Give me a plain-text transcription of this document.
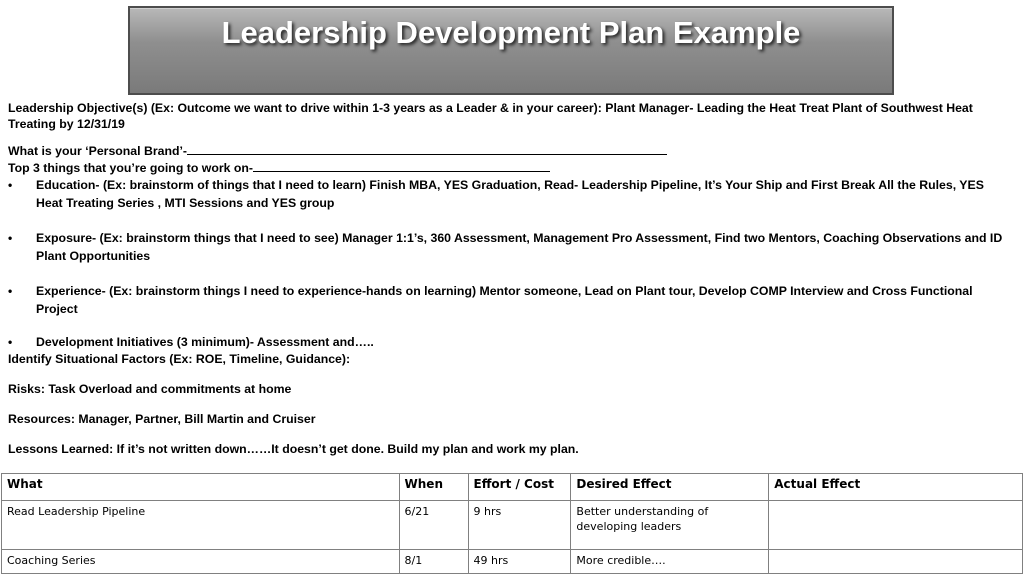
Leadership Development Plan Example

Leadership Objective(s) (Ex: Outcome we want to drive within 1-3 years as a Leader & in your career): Plant Manager- Leading the Heat Treat Plant of Southwest Heat Treating by 12/31/19

What is your ‘Personal Brand’-

Top 3 things that you’re going to work on-

• Education- (Ex: brainstorm of things that I need to learn) Finish MBA, YES Graduation, Read- Leadership Pipeline, It’s Your Ship and First Break All the Rules, YES Heat Treating Series , MTI Sessions and YES group
• Exposure- (Ex: brainstorm things that I need to see) Manager 1:1’s, 360 Assessment, Management Pro Assessment, Find two Mentors, Coaching Observations and ID Plant Opportunities
• Experience- (Ex: brainstorm things I need to experience-hands on learning) Mentor someone, Lead on Plant tour, Develop COMP Interview and Cross Functional Project
• Development Initiatives (3 minimum)- Assessment and…..

Identify Situational Factors (Ex: ROE, Timeline, Guidance):

Risks: Task Overload and commitments at home

Resources: Manager, Partner, Bill Martin and Cruiser

Lessons Learned: If it’s not written down……It doesn’t get done. Build my plan and work my plan.

What	When	Effort / Cost	Desired Effect	Actual Effect
Read Leadership Pipeline	6/21	9 hrs	Better understanding of developing leaders	
Coaching Series	8/1	49 hrs	More credible….	
